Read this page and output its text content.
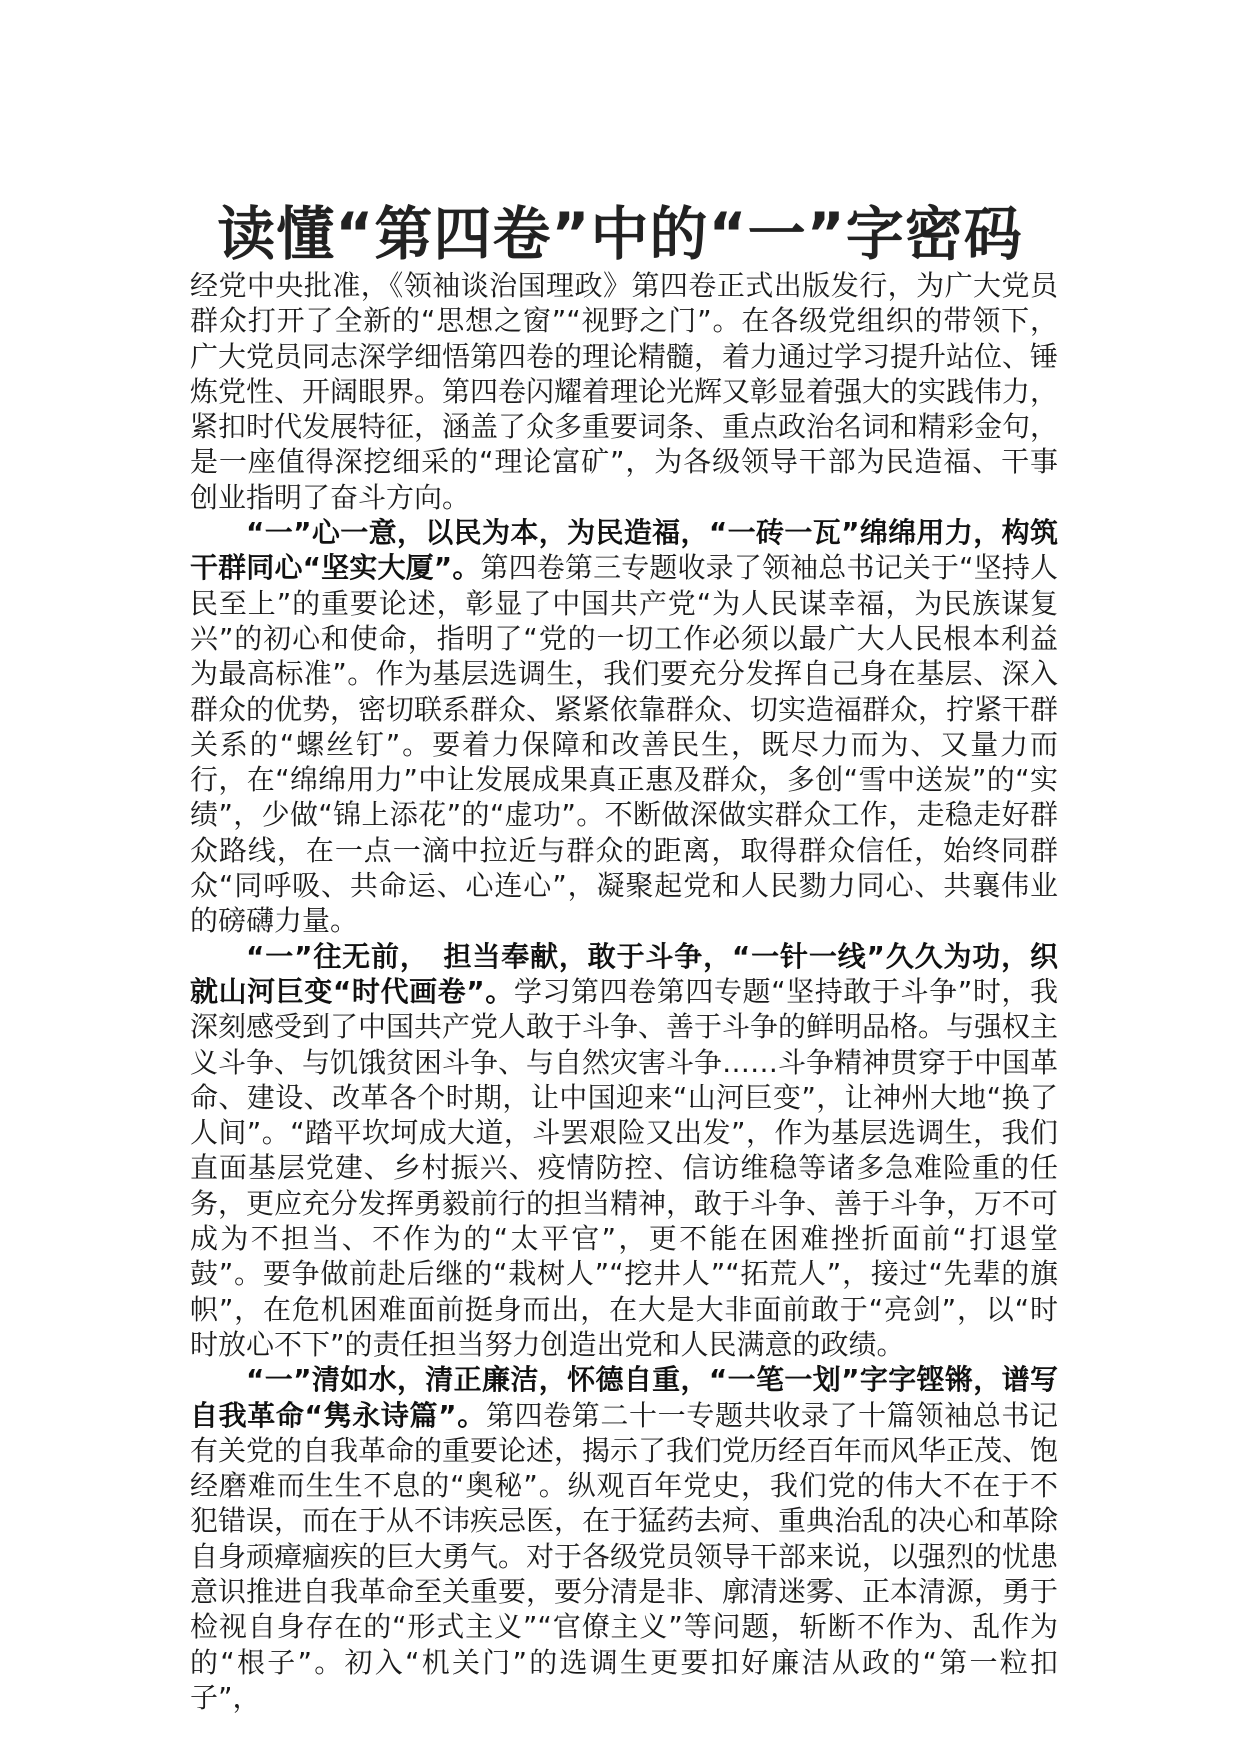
读懂“第四卷”中的“一”字密码

经党中央批准，《领袖谈治国理政》第四卷正式出版发行，为广大党员群众打开了全新的“思想之窗”“视野之门”。在各级党组织的带领下，广大党员同志深学细悟第四卷的理论精髓，着力通过学习提升站位、锤炼党性、开阔眼界。第四卷闪耀着理论光辉又彰显着强大的实践伟力，紧扣时代发展特征，涵盖了众多重要词条、重点政治名词和精彩金句，是一座值得深挖细采的“理论富矿”，为各级领导干部为民造福、干事创业指明了奋斗方向。

“一”心一意，以民为本，为民造福，“一砖一瓦”绵绵用力，构筑干群同心“坚实大厦”。第四卷第三专题收录了领袖总书记关于“坚持人民至上”的重要论述，彰显了中国共产党“为人民谋幸福，为民族谋复兴”的初心和使命，指明了“党的一切工作必须以最广大人民根本利益为最高标准”。作为基层选调生，我们要充分发挥自己身在基层、深入群众的优势，密切联系群众、紧紧依靠群众、切实造福群众，拧紧干群关系的“螺丝钉”。要着力保障和改善民生，既尽力而为、又量力而行，在“绵绵用力”中让发展成果真正惠及群众，多创“雪中送炭”的“实绩”，少做“锦上添花”的“虚功”。不断做深做实群众工作，走稳走好群众路线，在一点一滴中拉近与群众的距离，取得群众信任，始终同群众“同呼吸、共命运、心连心”，凝聚起党和人民勠力同心、共襄伟业的磅礴力量。

“一”往无前，　担当奉献，敢于斗争，“一针一线”久久为功，织就山河巨变“时代画卷”。学习第四卷第四专题“坚持敢于斗争”时，我深刻感受到了中国共产党人敢于斗争、善于斗争的鲜明品格。与强权主义斗争、与饥饿贫困斗争、与自然灾害斗争……斗争精神贯穿于中国革命、建设、改革各个时期，让中国迎来“山河巨变”，让神州大地“换了人间”。“踏平坎坷成大道，斗罢艰险又出发”，作为基层选调生，我们直面基层党建、乡村振兴、疫情防控、信访维稳等诸多急难险重的任务，更应充分发挥勇毅前行的担当精神，敢于斗争、善于斗争，万不可成为不担当、不作为的“太平官”，更不能在困难挫折面前“打退堂鼓”。要争做前赴后继的“栽树人”“挖井人”“拓荒人”，接过“先辈的旗帜”，在危机困难面前挺身而出，在大是大非面前敢于“亮剑”，以“时时放心不下”的责任担当努力创造出党和人民满意的政绩。

“一”清如水，清正廉洁，怀德自重，“一笔一划”字字铿锵，谱写自我革命“隽永诗篇”。第四卷第二十一专题共收录了十篇领袖总书记有关党的自我革命的重要论述，揭示了我们党历经百年而风华正茂、饱经磨难而生生不息的“奥秘”。纵观百年党史，我们党的伟大不在于不犯错误，而在于从不讳疾忌医，在于猛药去疴、重典治乱的决心和革除自身顽瘴痼疾的巨大勇气。对于各级党员领导干部来说，以强烈的忧患意识推进自我革命至关重要，要分清是非、廓清迷雾、正本清源，勇于检视自身存在的“形式主义”“官僚主义”等问题，斩断不作为、乱作为的“根子”。初入“机关门”的选调生更要扣好廉洁从政的“第一粒扣子”，
